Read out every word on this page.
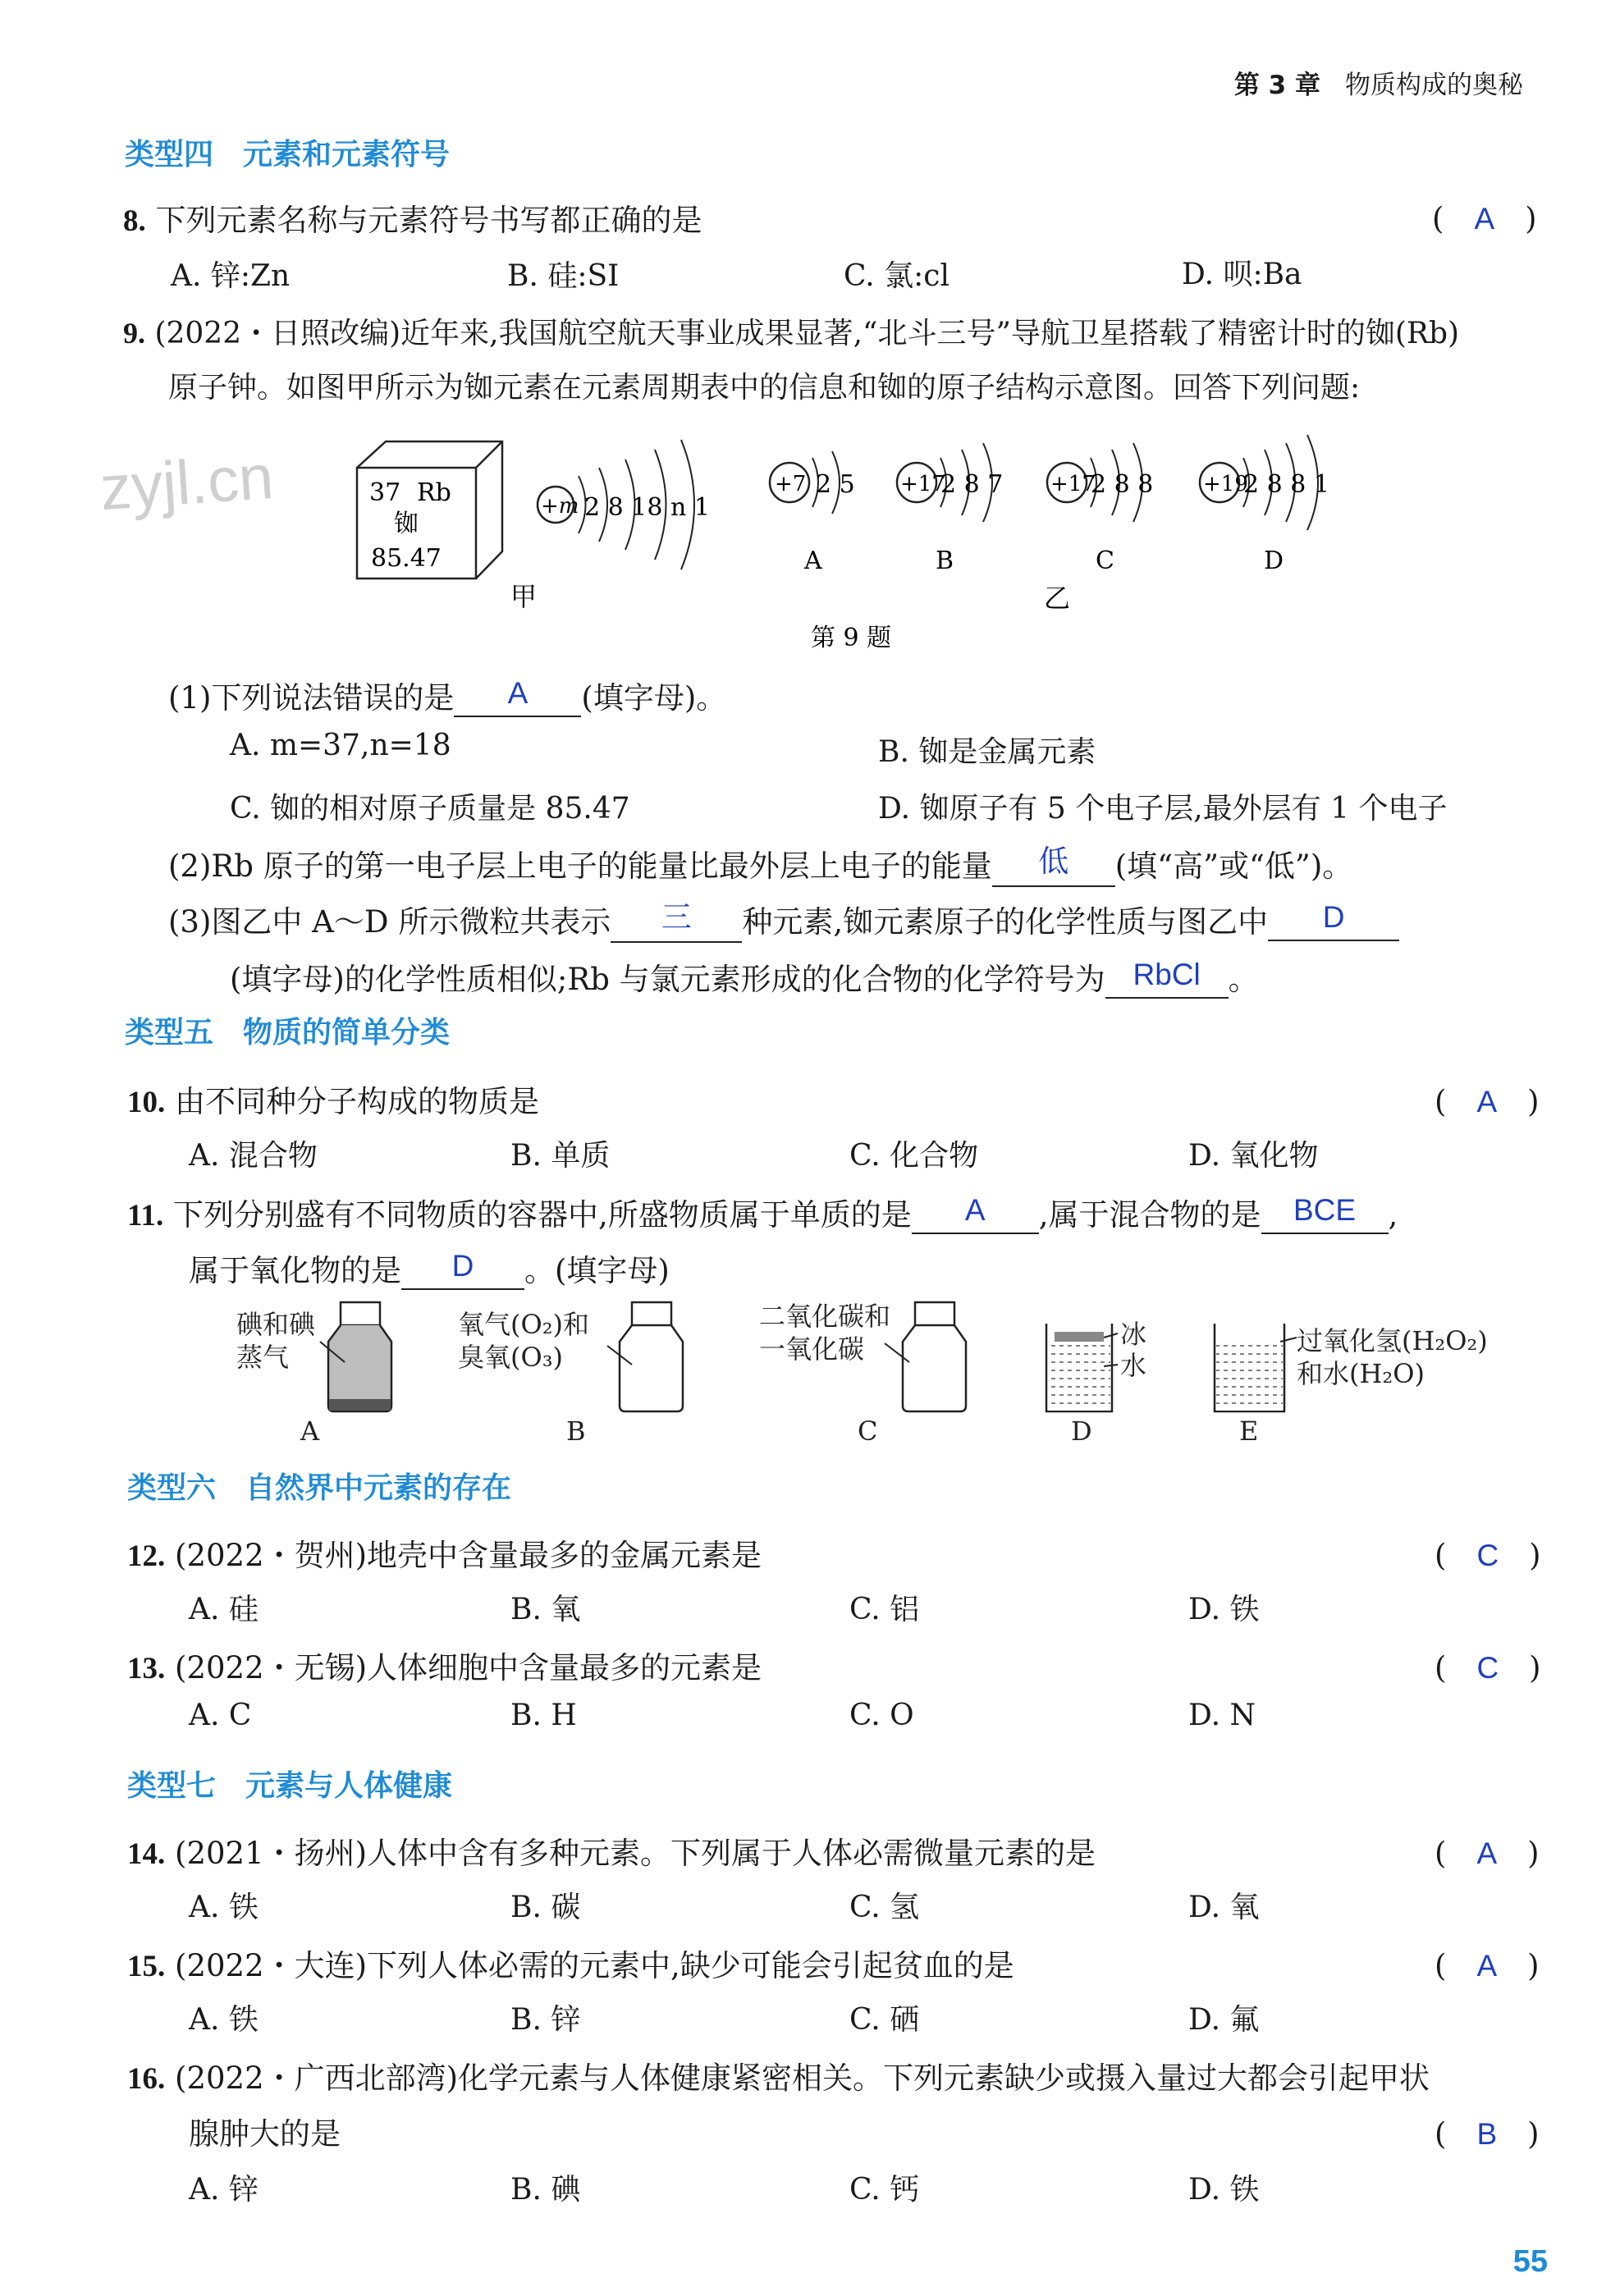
第 3 章 物质构成的奥秘
zyjl.cn
类型四　元素和元素符号
8. 下列元素名称与元素符号书写都正确的是	(　 A　 )
A. 锌:Zn	B. 硅:SI	C. 氯:cl	D. 呗:Ba
9. (2022・日照改编)近年来,我国航空航天事业成果显著,“北斗三号”导航卫星搭载了精密计时的铷(Rb)
原子钟。如图甲所示为铷元素在元素周期表中的信息和铷的原子结构示意图。回答下列问题:
37 Rb
铷
85.47
+m 2 8 18 n 1
甲
+7 2 5
A
+17
2 8 7
B
+17
2 8 8
C
+19
2 8 8 1
D
乙
第 9 题
(1)下列说法错误的是 A (填字母)。
A. m=37,n=18	B. 铷是金属元素
C. 铷的相对原子质量是 85.47	D. 铷原子有 5 个电子层,最外层有 1 个电子
(2)Rb 原子的第一电子层上电子的能量比最外层上电子的能量 低 (填“高”或“低”)。
(3)图乙中 A～D 所示微粒共表示 三 种元素,铷元素原子的化学性质与图乙中 D
(填字母)的化学性质相似;Rb 与氯元素形成的化合物的化学符号为 RbCl 。
类型五　物质的简单分类
10. 由不同种分子构成的物质是	(　 A　 )
A. 混合物	B. 单质	C. 化合物	D. 氧化物
11. 下列分别盛有不同物质的容器中,所盛物质属于单质的是 A ,属于混合物的是 BCE ,
属于氧化物的是 D 。(填字母)
碘和碘
蒸气
A
氧气(O₂)和
臭氧(O₃)
B
二氧化碳和
一氧化碳
C
冰
水
D
过氧化氢(H₂O₂)
和水(H₂O)
E
类型六　自然界中元素的存在
12. (2022・贺州)地壳中含量最多的金属元素是	(　 C　 )
A. 硅	B. 氧	C. 铝	D. 铁
13. (2022・无锡)人体细胞中含量最多的元素是	(　 C　 )
A. C	B. H	C. O	D. N
类型七　元素与人体健康
14. (2021・扬州)人体中含有多种元素。下列属于人体必需微量元素的是	(　 A　 )
A. 铁	B. 碳	C. 氢	D. 氧
15. (2022・大连)下列人体必需的元素中,缺少可能会引起贫血的是	(　 A　 )
A. 铁	B. 锌	C. 硒	D. 氟
16. (2022・广西北部湾)化学元素与人体健康紧密相关。下列元素缺少或摄入量过大都会引起甲状
腺肿大的是	(　 B　 )
A. 锌	B. 碘	C. 钙	D. 铁
55
